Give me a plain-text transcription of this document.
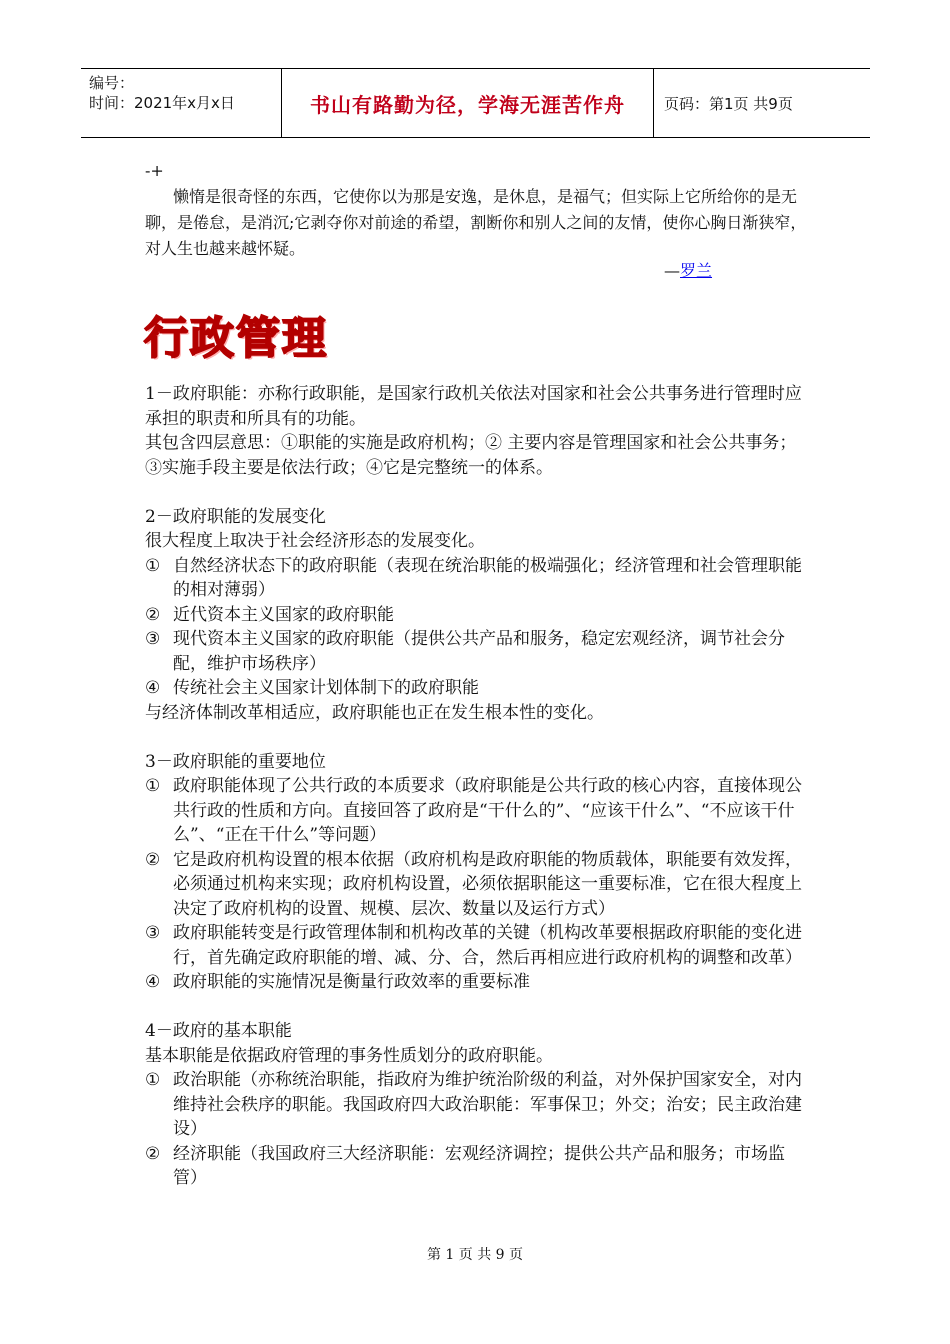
编号：
时间：2021年x月x日	书山有路勤为径，学海无涯苦作舟	页码：第1页 共9页

-+

懒惰是很奇怪的东西，它使你以为那是安逸，是休息，是福气；但实际上它所给你的是无聊，是倦怠，是消沉;它剥夺你对前途的希望，割断你和别人之间的友情，使你心胸日渐狭窄，对人生也越来越怀疑。

—罗兰
行政管理

1－政府职能：亦称行政职能，是国家行政机关依法对国家和社会公共事务进行管理时应承担的职责和所具有的功能。

其包含四层意思：①职能的实施是政府机构；② 主要内容是管理国家和社会公共事务；③实施手段主要是依法行政；④它是完整统一的体系。

2－政府职能的发展变化

很大程度上取决于社会经济形态的发展变化。

① 自然经济状态下的政府职能（表现在统治职能的极端强化；经济管理和社会管理职能的相对薄弱）
② 近代资本主义国家的政府职能
③ 现代资本主义国家的政府职能（提供公共产品和服务，稳定宏观经济，调节社会分配，维护市场秩序）
④ 传统社会主义国家计划体制下的政府职能

与经济体制改革相适应，政府职能也正在发生根本性的变化。

3－政府职能的重要地位

① 政府职能体现了公共行政的本质要求（政府职能是公共行政的核心内容，直接体现公共行政的性质和方向。直接回答了政府是“干什么的”、“应该干什么”、“不应该干什么”、“正在干什么”等问题）
② 它是政府机构设置的根本依据（政府机构是政府职能的物质载体，职能要有效发挥，必须通过机构来实现；政府机构设置，必须依据职能这一重要标准，它在很大程度上决定了政府机构的设置、规模、层次、数量以及运行方式）
③ 政府职能转变是行政管理体制和机构改革的关键（机构改革要根据政府职能的变化进行，首先确定政府职能的增、减、分、合，然后再相应进行政府机构的调整和改革）
④ 政府职能的实施情况是衡量行政效率的重要标准

4－政府的基本职能

基本职能是依据政府管理的事务性质划分的政府职能。

① 政治职能（亦称统治职能，指政府为维护统治阶级的利益，对外保护国家安全，对内维持社会秩序的职能。我国政府四大政治职能：军事保卫；外交；治安；民主政治建设）
② 经济职能（我国政府三大经济职能：宏观经济调控；提供公共产品和服务；市场监管）
第 1 页 共 9 页
